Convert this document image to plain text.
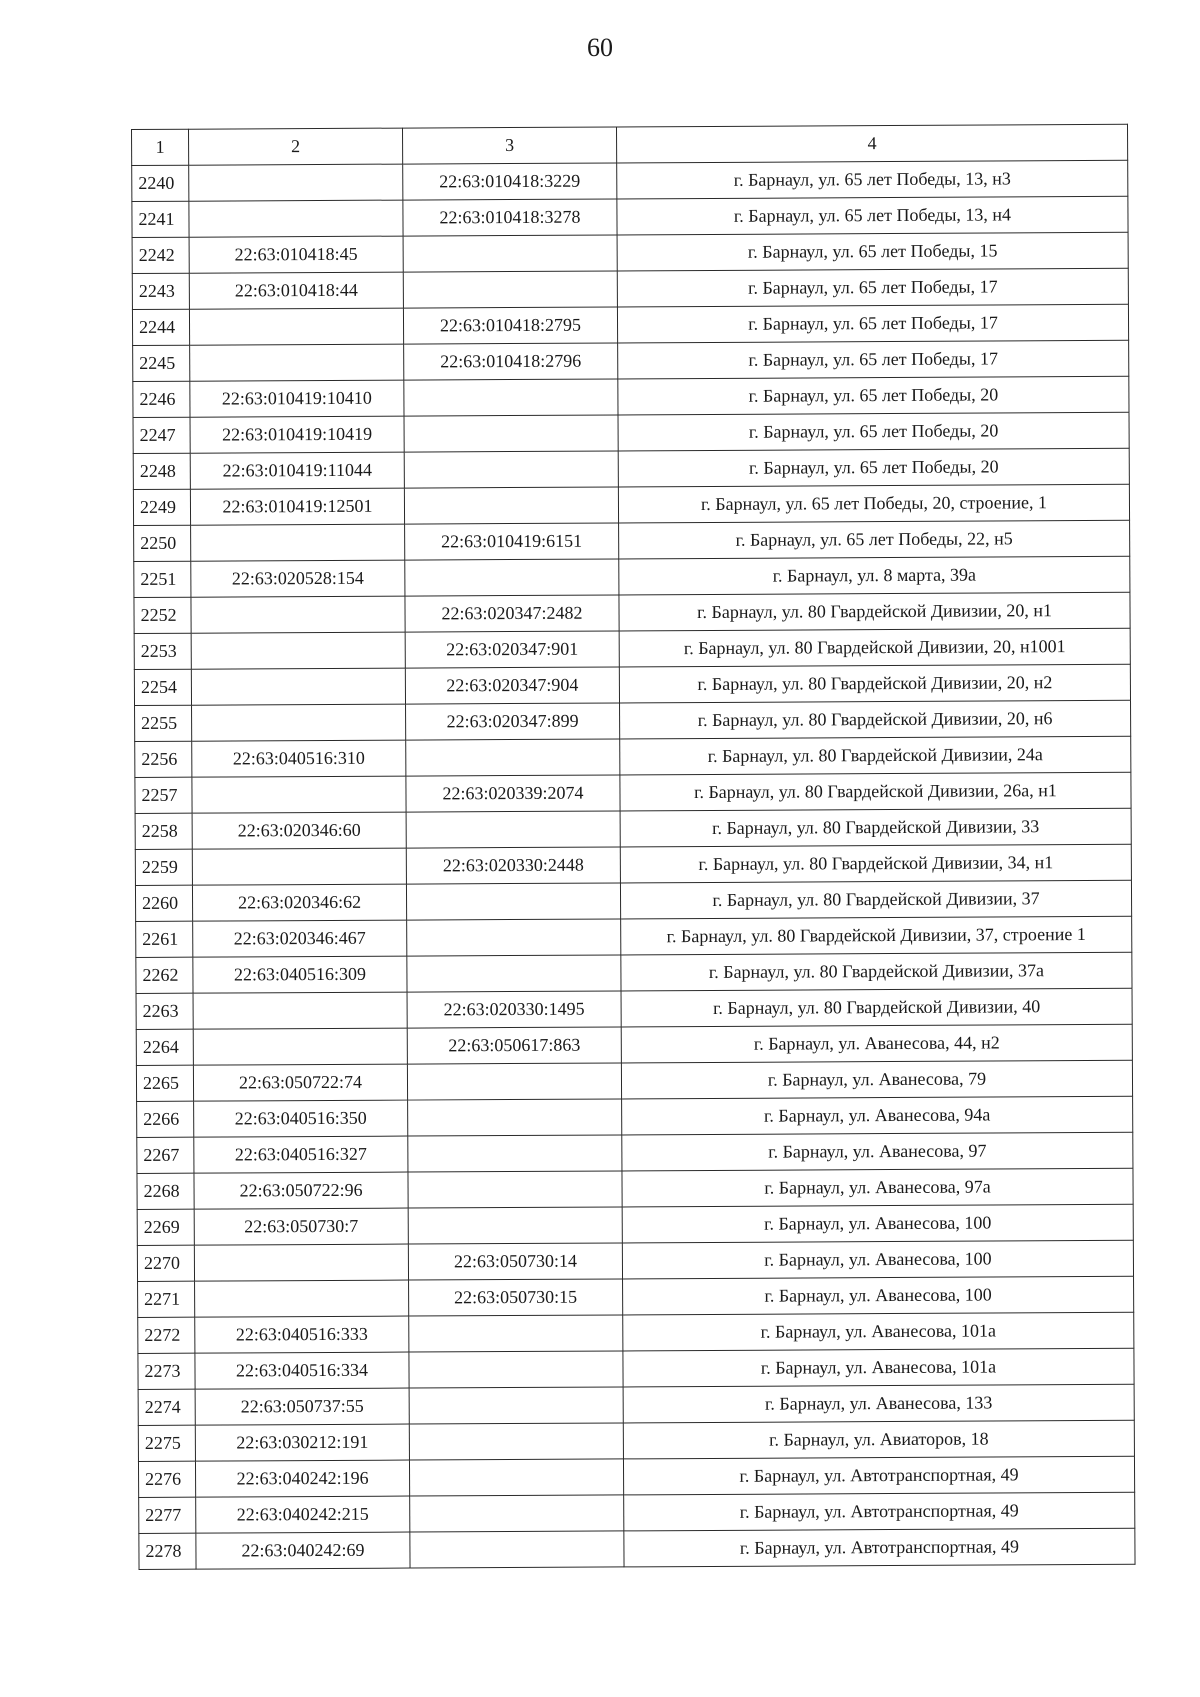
60
1	2	3	4
2240		22:63:010418:3229	г. Барнаул, ул. 65 лет Победы, 13, н3
2241		22:63:010418:3278	г. Барнаул, ул. 65 лет Победы, 13, н4
2242	22:63:010418:45		г. Барнаул, ул. 65 лет Победы, 15
2243	22:63:010418:44		г. Барнаул, ул. 65 лет Победы, 17
2244		22:63:010418:2795	г. Барнаул, ул. 65 лет Победы, 17
2245		22:63:010418:2796	г. Барнаул, ул. 65 лет Победы, 17
2246	22:63:010419:10410		г. Барнаул, ул. 65 лет Победы, 20
2247	22:63:010419:10419		г. Барнаул, ул. 65 лет Победы, 20
2248	22:63:010419:11044		г. Барнаул, ул. 65 лет Победы, 20
2249	22:63:010419:12501		г. Барнаул, ул. 65 лет Победы, 20, строение, 1
2250		22:63:010419:6151	г. Барнаул, ул. 65 лет Победы, 22, н5
2251	22:63:020528:154		г. Барнаул, ул. 8 марта, 39а
2252		22:63:020347:2482	г. Барнаул, ул. 80 Гвардейской Дивизии, 20, н1
2253		22:63:020347:901	г. Барнаул, ул. 80 Гвардейской Дивизии, 20, н1001
2254		22:63:020347:904	г. Барнаул, ул. 80 Гвардейской Дивизии, 20, н2
2255		22:63:020347:899	г. Барнаул, ул. 80 Гвардейской Дивизии, 20, н6
2256	22:63:040516:310		г. Барнаул, ул. 80 Гвардейской Дивизии, 24а
2257		22:63:020339:2074	г. Барнаул, ул. 80 Гвардейской Дивизии, 26а, н1
2258	22:63:020346:60		г. Барнаул, ул. 80 Гвардейской Дивизии, 33
2259		22:63:020330:2448	г. Барнаул, ул. 80 Гвардейской Дивизии, 34, н1
2260	22:63:020346:62		г. Барнаул, ул. 80 Гвардейской Дивизии, 37
2261	22:63:020346:467		г. Барнаул, ул. 80 Гвардейской Дивизии, 37, строение 1
2262	22:63:040516:309		г. Барнаул, ул. 80 Гвардейской Дивизии, 37а
2263		22:63:020330:1495	г. Барнаул, ул. 80 Гвардейской Дивизии, 40
2264		22:63:050617:863	г. Барнаул, ул. Аванесова, 44, н2
2265	22:63:050722:74		г. Барнаул, ул. Аванесова, 79
2266	22:63:040516:350		г. Барнаул, ул. Аванесова, 94а
2267	22:63:040516:327		г. Барнаул, ул. Аванесова, 97
2268	22:63:050722:96		г. Барнаул, ул. Аванесова, 97а
2269	22:63:050730:7		г. Барнаул, ул. Аванесова, 100
2270		22:63:050730:14	г. Барнаул, ул. Аванесова, 100
2271		22:63:050730:15	г. Барнаул, ул. Аванесова, 100
2272	22:63:040516:333		г. Барнаул, ул. Аванесова, 101а
2273	22:63:040516:334		г. Барнаул, ул. Аванесова, 101а
2274	22:63:050737:55		г. Барнаул, ул. Аванесова, 133
2275	22:63:030212:191		г. Барнаул, ул. Авиаторов, 18
2276	22:63:040242:196		г. Барнаул, ул. Автотранспортная, 49
2277	22:63:040242:215		г. Барнаул, ул. Автотранспортная, 49
2278	22:63:040242:69		г. Барнаул, ул. Автотранспортная, 49
